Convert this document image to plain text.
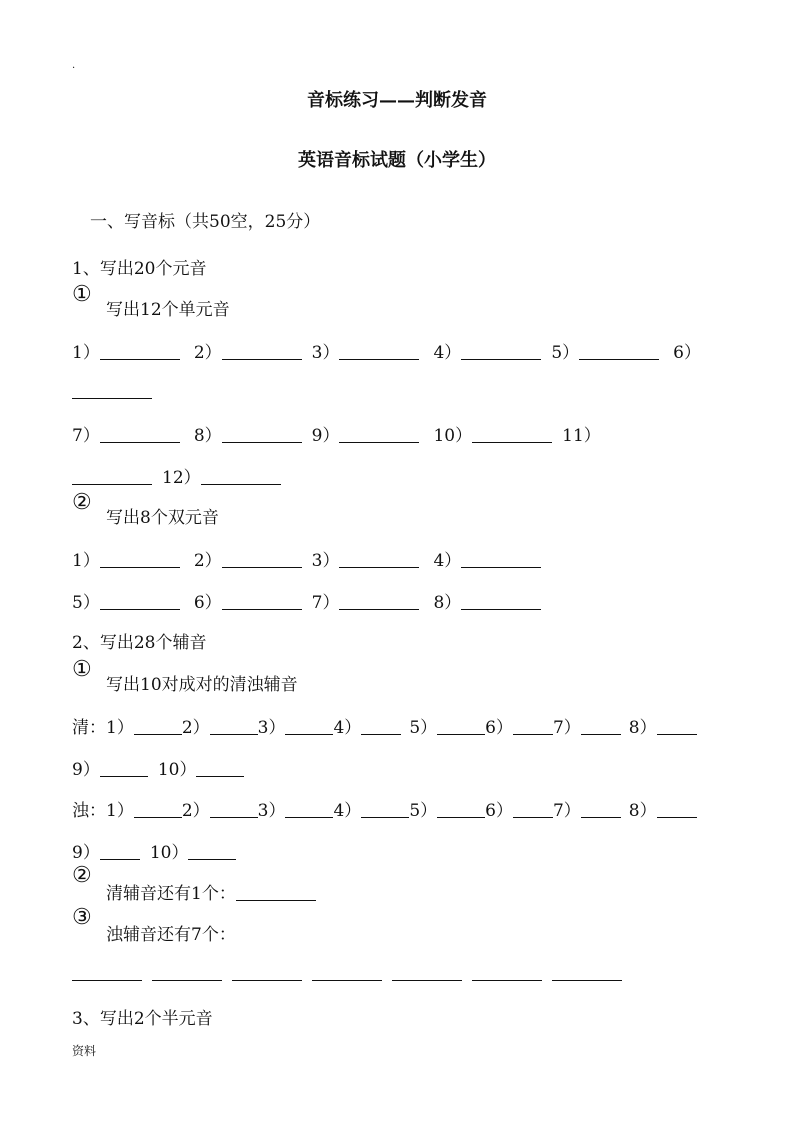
.
音标练习——判断发音
英语音标试题（小学生）
一、写音标（共50空，25分）
1、写出20个元音
①
写出12个单元音
1）	2）	3）	4）	5）	6）
7）	8）	9）	10）	11）
12）
②
写出8个双元音
1）	2）	3）	4）
5）	6）	7）	8）
2、写出28个辅音
①
写出10对成对的清浊辅音
清：1）	2）	3）	4）	5）	6） 7）	8）
9）	10）
浊：1）	2）	3）	4）	5）	6） 7）	8）
9）	10）
②
清辅音还有1个：
③
浊辅音还有7个：
3、写出2个半元音
资料
